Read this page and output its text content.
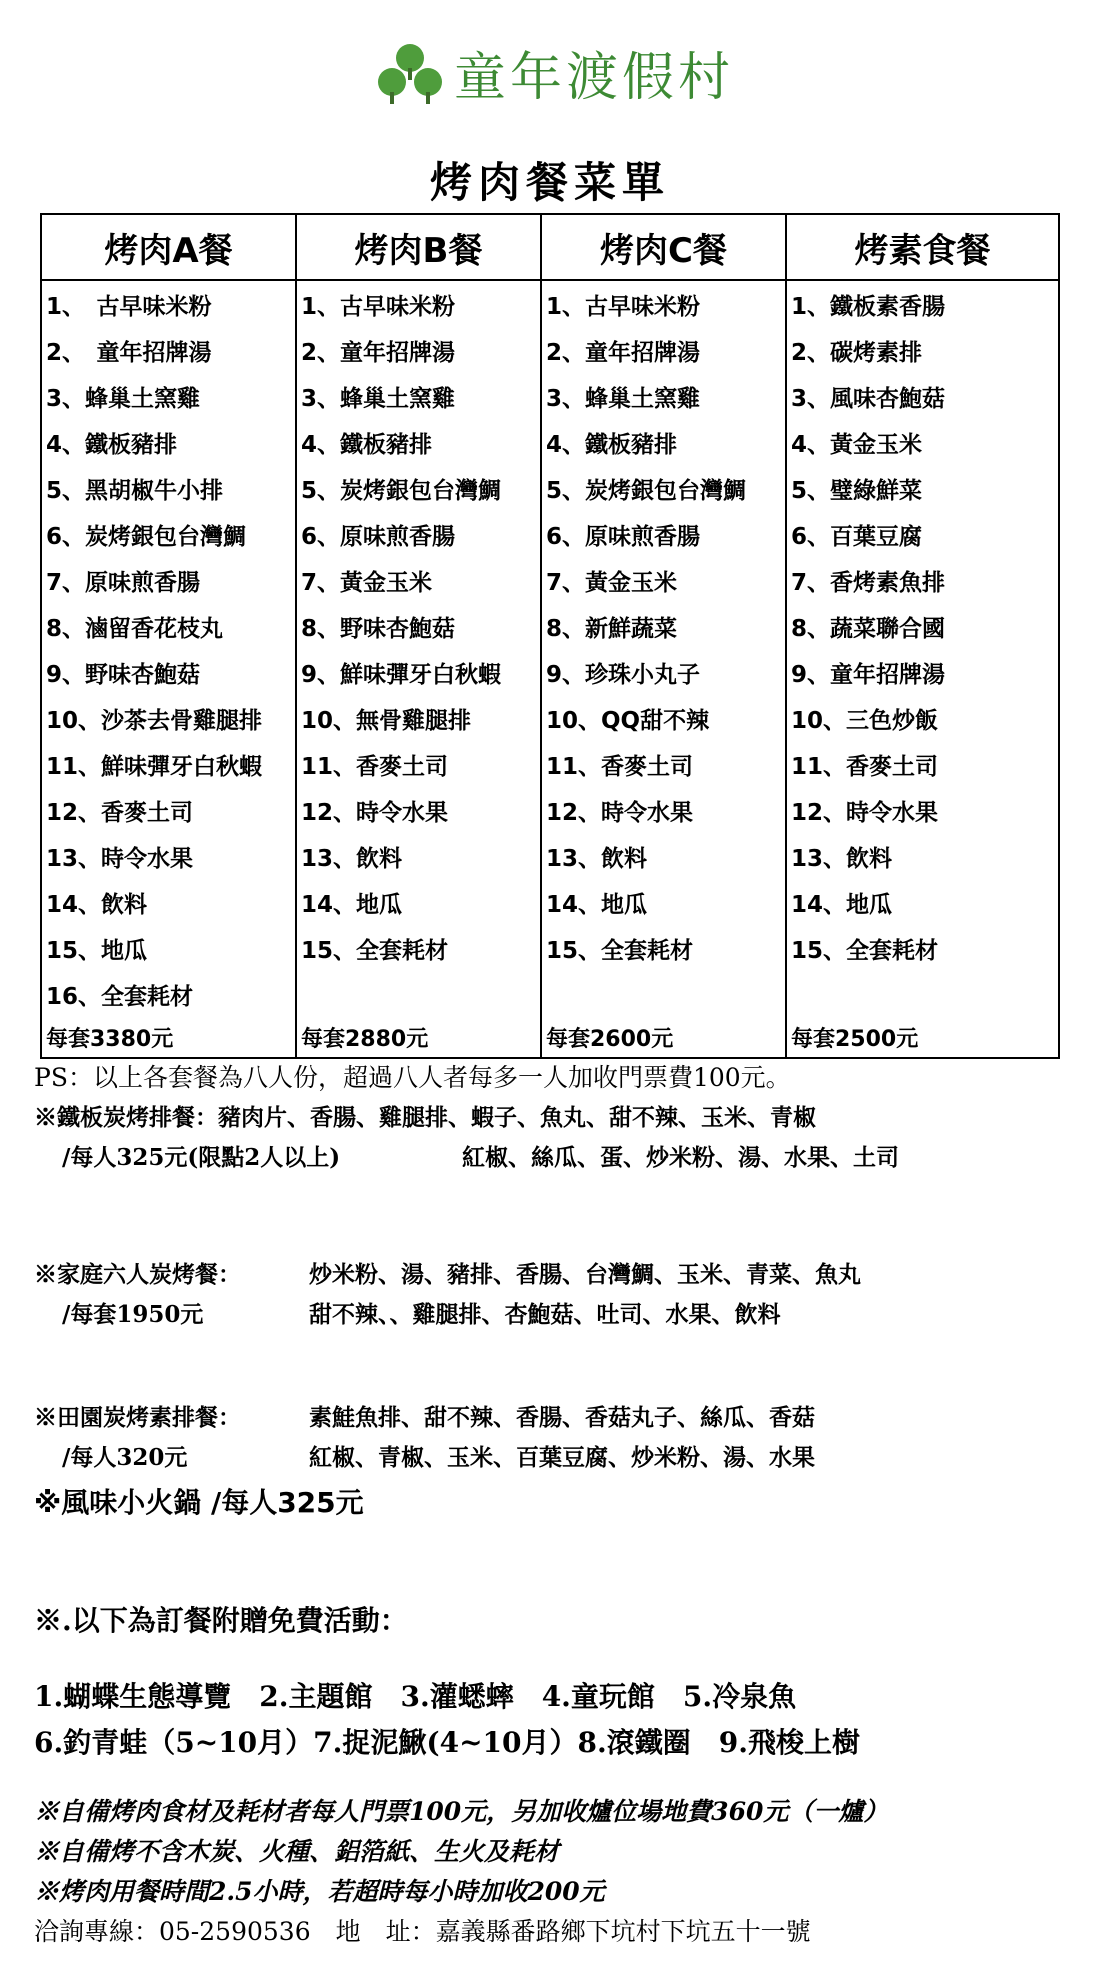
童年渡假村
烤肉餐菜單
烤肉A餐	烤肉B餐	烤肉C餐	烤素食餐
1、　古早味米粉	1、古早味米粉	1、古早味米粉	1、鐵板素香腸
2、　童年招牌湯	2、童年招牌湯	2、童年招牌湯	2、碳烤素排
3、蜂巢土窯雞	3、蜂巢土窯雞	3、蜂巢土窯雞	3、風味杏鮑菇
4、鐵板豬排	4、鐵板豬排	4、鐵板豬排	4、黃金玉米
5、黑胡椒牛小排	5、炭烤銀包台灣鯛	5、炭烤銀包台灣鯛	5、璧綠鮮菜
6、炭烤銀包台灣鯛	6、原味煎香腸	6、原味煎香腸	6、百葉豆腐
7、原味煎香腸	7、黃金玉米	7、黃金玉米	7、香烤素魚排
8、滷留香花枝丸	8、野味杏鮑菇	8、新鮮蔬菜	8、蔬菜聯合國
9、野味杏鮑菇	9、鮮味彈牙白秋蝦	9、珍珠小丸子	9、童年招牌湯
10、沙茶去骨雞腿排	10、無骨雞腿排	10、QQ甜不辣	10、三色炒飯
11、鮮味彈牙白秋蝦	11、香麥土司	11、香麥土司	11、香麥土司
12、香麥土司	12、時令水果	12、時令水果	12、時令水果
13、時令水果	13、飲料	13、飲料	13、飲料
14、飲料	14、地瓜	14、地瓜	14、地瓜
15、地瓜	15、全套耗材	15、全套耗材	15、全套耗材
16、全套耗材			
每套3380元	每套2880元	每套2600元	每套2500元
PS：以上各套餐為八人份，超過八人者每多一人加收門票費100元。
※鐵板炭烤排餐：豬肉片、香腸、雞腿排、蝦子、魚丸、甜不辣、玉米、青椒
/每人325元(限點2人以上)	紅椒、絲瓜、蛋、炒米粉、湯、水果、土司
※家庭六人炭烤餐：	炒米粉、湯、豬排、香腸、台灣鯛、玉米、青菜、魚丸
/每套1950元	甜不辣、、雞腿排、杏鮑菇、吐司、水果、飲料
※田園炭烤素排餐：	素鮭魚排、甜不辣、香腸、香菇丸子、絲瓜、香菇
/每人320元	紅椒、青椒、玉米、百葉豆腐、炒米粉、湯、水果
※風味小火鍋 /每人325元
※.以下為訂餐附贈免費活動：
1.蝴蝶生態導覽　2.主題館　3.灌蟋蟀　4.童玩館　5.冷泉魚
6.釣青蛙（5~10月）7.捉泥鰍(4~10月）8.滾鐵圈　9.飛梭上樹
※自備烤肉食材及耗材者每人門票100元，另加收爐位場地費360元（一爐）
※自備烤不含木炭、火種、鋁箔紙、生火及耗材
※烤肉用餐時間2.5小時，若超時每小時加收200元
洽詢專線：05-2590536　地　址：嘉義縣番路鄉下坑村下坑五十一號
